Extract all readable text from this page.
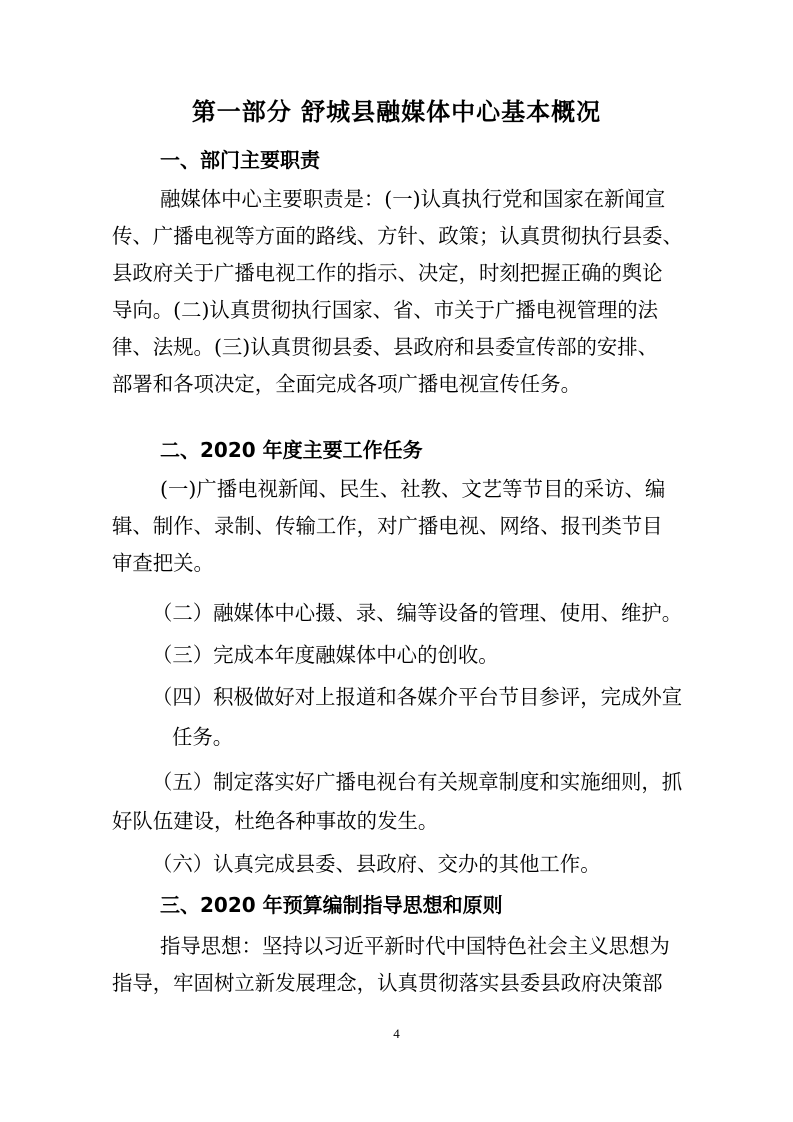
第一部分 舒城县融媒体中心基本概况
一、部门主要职责
融媒体中心主要职责是：(一)认真执行党和国家在新闻宣
传、广播电视等方面的路线、方针、政策；认真贯彻执行县委、
县政府关于广播电视工作的指示、决定，时刻把握正确的舆论
导向。(二)认真贯彻执行国家、省、市关于广播电视管理的法
律、法规。(三)认真贯彻县委、县政府和县委宣传部的安排、
部署和各项决定，全面完成各项广播电视宣传任务。
二、2020 年度主要工作任务
(一)广播电视新闻、民生、社教、文艺等节目的采访、编
辑、制作、录制、传输工作，对广播电视、网络、报刊类节目
审查把关。
（二）融媒体中心摄、录、编等设备的管理、使用、维护。
（三）完成本年度融媒体中心的创收。
（四）积极做好对上报道和各媒介平台节目参评，完成外宣
任务。
（五）制定落实好广播电视台有关规章制度和实施细则，抓
好队伍建设，杜绝各种事故的发生。
（六）认真完成县委、县政府、交办的其他工作。
三、2020 年预算编制指导思想和原则
指导思想：坚持以习近平新时代中国特色社会主义思想为
指导，牢固树立新发展理念，认真贯彻落实县委县政府决策部
4
